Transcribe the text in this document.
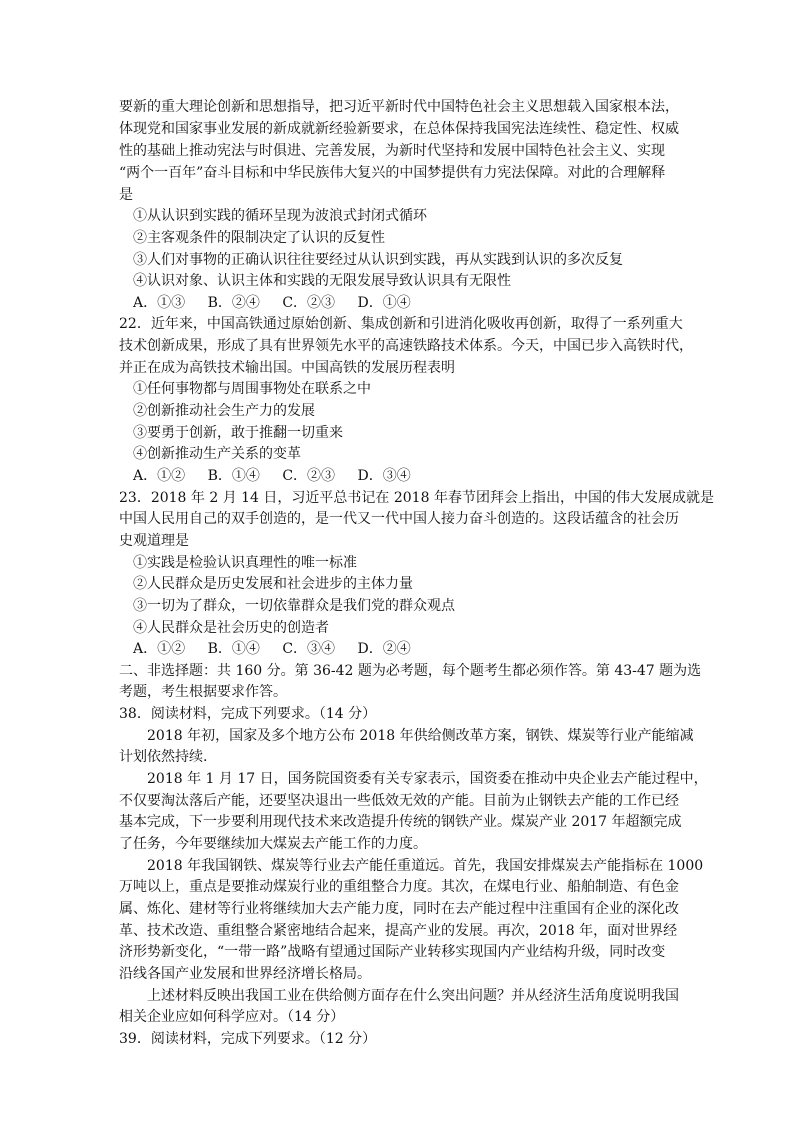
要新的重大理论创新和思想指导，把习近平新时代中国特色社会主义思想载入国家根本法，
体现党和国家事业发展的新成就新经验新要求，在总体保持我国宪法连续性、稳定性、权威
性的基础上推动宪法与时俱进、完善发展，为新时代坚持和发展中国特色社会主义、实现
“两个一百年”奋斗目标和中华民族伟大复兴的中国梦提供有力宪法保障。对此的合理解释
是
①从认识到实践的循环呈现为波浪式封闭式循环
②主客观条件的限制决定了认识的反复性
③人们对事物的正确认识往往要经过从认识到实践，再从实践到认识的多次反复
④认识对象、认识主体和实践的无限发展导致认识具有无限性
A．①③ B．②④ C．②③ D．①④
22．近年来，中国高铁通过原始创新、集成创新和引进消化吸收再创新，取得了一系列重大
技术创新成果，形成了具有世界领先水平的高速铁路技术体系。今天，中国已步入高铁时代，
并正在成为高铁技术输出国。中国高铁的发展历程表明
①任何事物都与周围事物处在联系之中
②创新推动社会生产力的发展
③要勇于创新，敢于推翻一切重来
④创新推动生产关系的变革
A．①② B．①④ C．②③ D．③④
23．2018 年 2 月 14 日，习近平总书记在 2018 年春节团拜会上指出，中国的伟大发展成就是
中国人民用自己的双手创造的，是一代又一代中国人接力奋斗创造的。这段话蕴含的社会历
史观道理是
①实践是检验认识真理性的唯一标准
②人民群众是历史发展和社会进步的主体力量
③一切为了群众，一切依靠群众是我们党的群众观点
④人民群众是社会历史的创造者
A．①② B．①④ C．③④ D．②④
二、非选择题：共 160 分。第 36-42 题为必考题，每个题考生都必须作答。第 43-47 题为选
考题，考生根据要求作答。
38．阅读材料，完成下列要求。（14 分）
2018 年初，国家及多个地方公布 2018 年供给侧改革方案，钢铁、煤炭等行业产能缩减
计划依然持续.
2018 年 1 月 17 日，国务院国资委有关专家表示，国资委在推动中央企业去产能过程中，
不仅要淘汰落后产能，还要坚决退出一些低效无效的产能。目前为止钢铁去产能的工作已经
基本完成，下一步要利用现代技术来改造提升传统的钢铁产业。煤炭产业 2017 年超额完成
了任务，今年要继续加大煤炭去产能工作的力度。
2018 年我国钢铁、煤炭等行业去产能任重道远。首先，我国安排煤炭去产能指标在 1000
万吨以上，重点是要推动煤炭行业的重组整合力度。其次，在煤电行业、船舶制造、有色金
属、炼化、建材等行业将继续加大去产能力度，同时在去产能过程中注重国有企业的深化改
革、技术改造、重组整合紧密地结合起来，提高产业的发展。再次，2018 年，面对世界经
济形势新变化，“一带一路”战略有望通过国际产业转移实现国内产业结构升级，同时改变
沿线各国产业发展和世界经济增长格局。
上述材料反映出我国工业在供给侧方面存在什么突出问题？并从经济生活角度说明我国
相关企业应如何科学应对。（14 分）
39．阅读材料，完成下列要求。（12 分）
